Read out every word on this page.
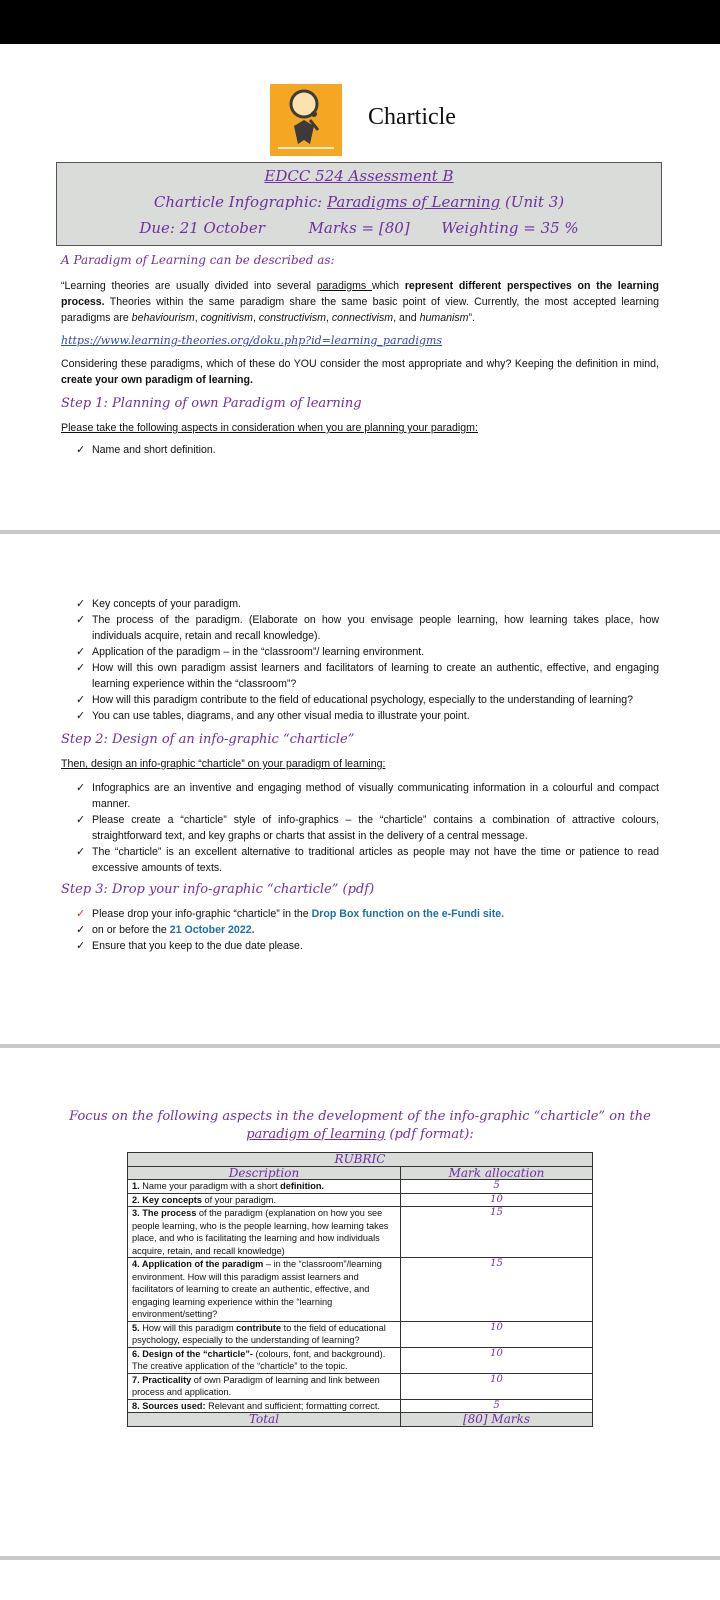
Charticle
EDCC 524 Assessment B
Charticle Infographic: Paradigms of Learning (Unit 3)
Due: 21 October	Marks = [80] Weighting = 35 %
A Paradigm of Learning can be described as:
“Learning theories are usually divided into several paradigms which represent different perspectives on the learning process. Theories within the same paradigm share the same basic point of view. Currently, the most accepted learning paradigms are behaviourism, cognitivism, constructivism, connectivism, and humanism”.
https://www.learning-theories.org/doku.php?id=learning_paradigms
Considering these paradigms, which of these do YOU consider the most appropriate and why? Keeping the definition in mind, create your own paradigm of learning.
Step 1: Planning of own Paradigm of learning
Please take the following aspects in consideration when you are planning your paradigm:
✓ Name and short definition.
✓ Key concepts of your paradigm.
✓ The process of the paradigm. (Elaborate on how you envisage people learning, how learning takes place, how individuals acquire, retain and recall knowledge).
✓ Application of the paradigm – in the “classroom”/ learning environment.
✓ How will this own paradigm assist learners and facilitators of learning to create an authentic, effective, and engaging learning experience within the “classroom”?
✓ How will this paradigm contribute to the field of educational psychology, especially to the understanding of learning?
✓ You can use tables, diagrams, and any other visual media to illustrate your point.
Step 2: Design of an info-graphic “charticle”
Then, design an info-graphic “charticle” on your paradigm of learning:
✓ Infographics are an inventive and engaging method of visually communicating information in a colourful and compact manner.
✓ Please create a “charticle” style of info-graphics – the “charticle” contains a combination of attractive colours, straightforward text, and key graphs or charts that assist in the delivery of a central message.
✓ The “charticle” is an excellent alternative to traditional articles as people may not have the time or patience to read excessive amounts of texts.
Step 3: Drop your info-graphic “charticle” (pdf)
✓ Please drop your info-graphic “charticle” in the Drop Box function on the e-Fundi site.
✓ on or before the 21 October 2022.
✓ Ensure that you keep to the due date please.
Focus on the following aspects in the development of the info-graphic “charticle” on the paradigm of learning (pdf format):
RUBRIC	
Description	Mark allocation
1. Name your paradigm with a short definition.	5
2. Key concepts of your paradigm.	10
3. The process of the paradigm (explanation on how you see people learning, who is the people learning, how learning takes place, and who is facilitating the learning and how individuals acquire, retain, and recall knowledge)	15
4. Application of the paradigm – in the “classroom”/learning environment. How will this paradigm assist learners and facilitators of learning to create an authentic, effective, and engaging learning experience within the “learning environment/setting?	15
5. How will this paradigm contribute to the field of educational psychology, especially to the understanding of learning?	10
6. Design of the “charticle”- (colours, font, and background). The creative application of the “charticle” to the topic.	10
7. Practicality of own Paradigm of learning and link between process and application.	10
8. Sources used: Relevant and sufficient; formatting correct.	5
Total	[80] Marks
